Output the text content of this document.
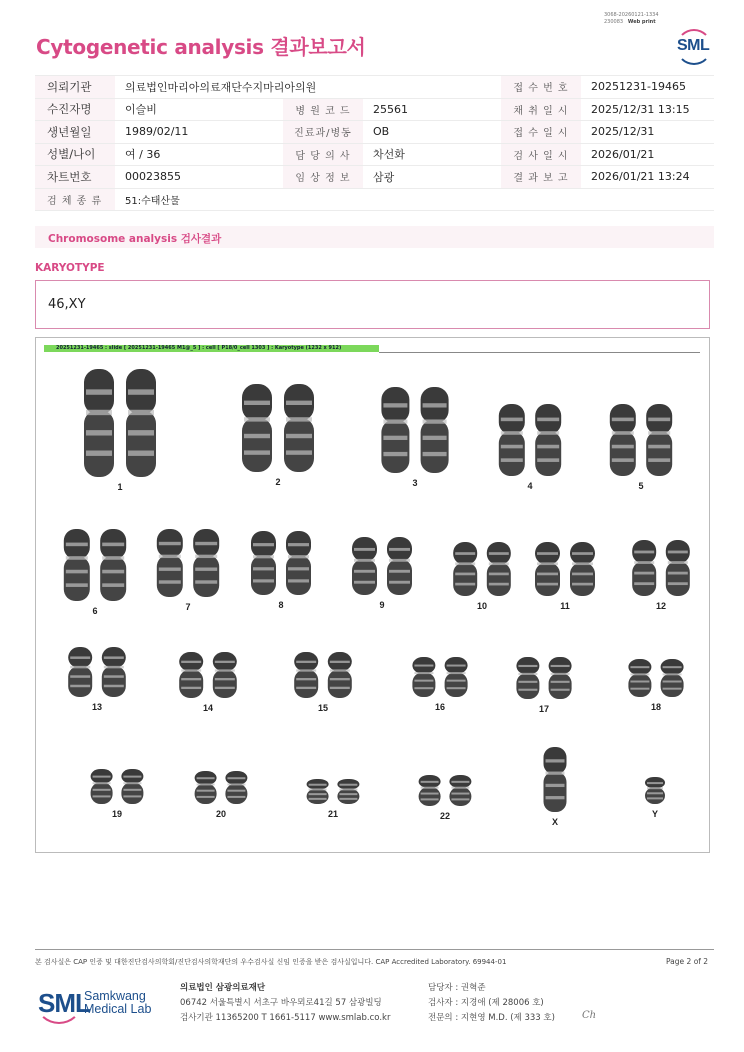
3068-20260121-1334
230083 Web print
Cytogenetic analysis 결과보고서	SML
의뢰기관	의료법인마리아의료재단수지마리아의원			접 수 번 호	20251231-19465
수진자명	이슬비	병 원 코 드	25561	채 취 일 시	2025/12/31 13:15
생년월일	1989/02/11	진료과/병동	OB	접 수 일 시	2025/12/31
성별/나이	여 / 36	담 당 의 사	차선화	검 사 일 시	2026/01/21
차트번호	00023855	임 상 정 보	삼광	결 과 보 고	2026/01/21 13:24
검 체 종 류	51:수태산물				
Chromosome analysis 검사결과
KARYOTYPE
46,XY
20251231-19465 : slide [ 20251231-19465 M1@_5 ] : cell [ P18/0_cell 1303 ] : Karyotype (1232 x 912)
1	2	3	4	5
6	7	8	9	10	11	12
13	14	15	16	17	18
19	20	21	22
X
Y
본 검사실은 CAP 인증 및 대한진단검사의학회/진단검사의학재단의 우수검사실 신임 인증을 받은 검사실입니다. CAP Accredited Laboratory. 69944-01	Page 2 of 2
SML
Samkwang
Medical Lab
의료법인 삼광의료재단
06742 서울특별시 서초구 바우뫼로41길 57 삼광빌딩
검사기관 11365200 T 1661-5117 www.smlab.co.kr
담당자 : 권혁준
검사자 : 지경애 (제 28006 호)
전문의 : 지현영 M.D. (제 333 호)	Ch
